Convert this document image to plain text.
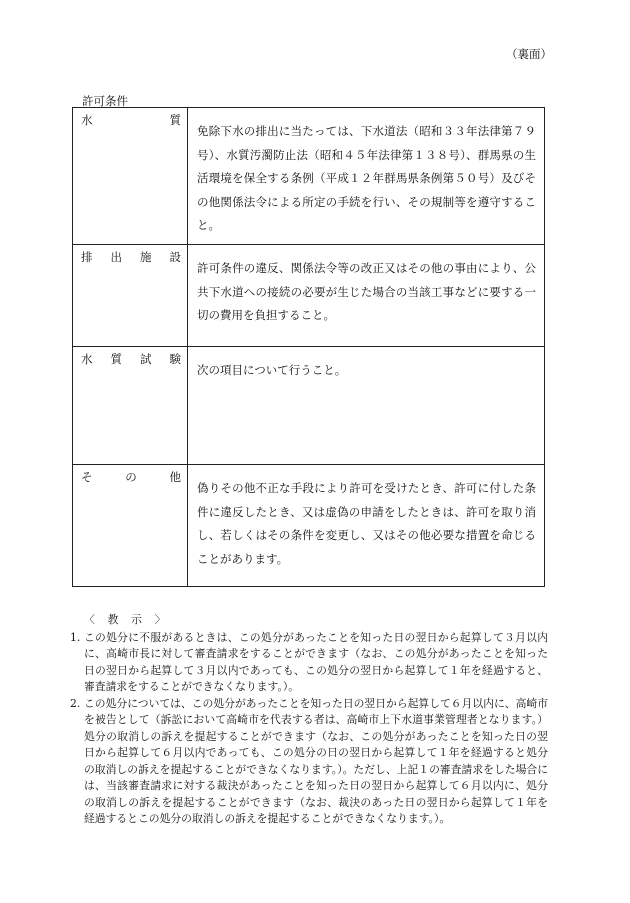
（裏面）
許可条件
水質	免除下水の排出に当たっては、下水道法（昭和３３年法律第７９号）、水質汚濁防止法（昭和４５年法律第１３８号）、群馬県の生活環境を保全する条例（平成１２年群馬県条例第５０号）及びその他関係法令による所定の手続を行い、その規制等を遵守すること。

排出施設	許可条件の違反、関係法令等の改正又はその他の事由により、公共下水道への接続の必要が生じた場合の当該工事などに要する一切の費用を負担すること。

水質試験	次の項目について行うこと。

その他	偽りその他不正な手段により許可を受けたとき、許可に付した条件に違反したとき、又は虚偽の申請をしたときは、許可を取り消し、若しくはその条件を変更し、又はその他必要な措置を命じることがあります。
〈　教　示　〉
1. この処分に不服があるときは、この処分があったことを知った日の翌日から起算して３月以内に、高崎市長に対して審査請求をすることができます（なお、この処分があったことを知った日の翌日から起算して３月以内であっても、この処分の翌日から起算して１年を経過すると、審査請求をすることができなくなります。）。
2. この処分については、この処分があったことを知った日の翌日から起算して６月以内に、高崎市を被告として（訴訟において高崎市を代表する者は、高崎市上下水道事業管理者となります。）処分の取消しの訴えを提起することができます（なお、この処分があったことを知った日の翌日から起算して６月以内であっても、この処分の日の翌日から起算して１年を経過すると処分の取消しの訴えを提起することができなくなります。）。ただし、上記１の審査請求をした場合には、当該審査請求に対する裁決があったことを知った日の翌日から起算して６月以内に、処分の取消しの訴えを提起することができます（なお、裁決のあった日の翌日から起算して１年を経過するとこの処分の取消しの訴えを提起することができなくなります。）。
